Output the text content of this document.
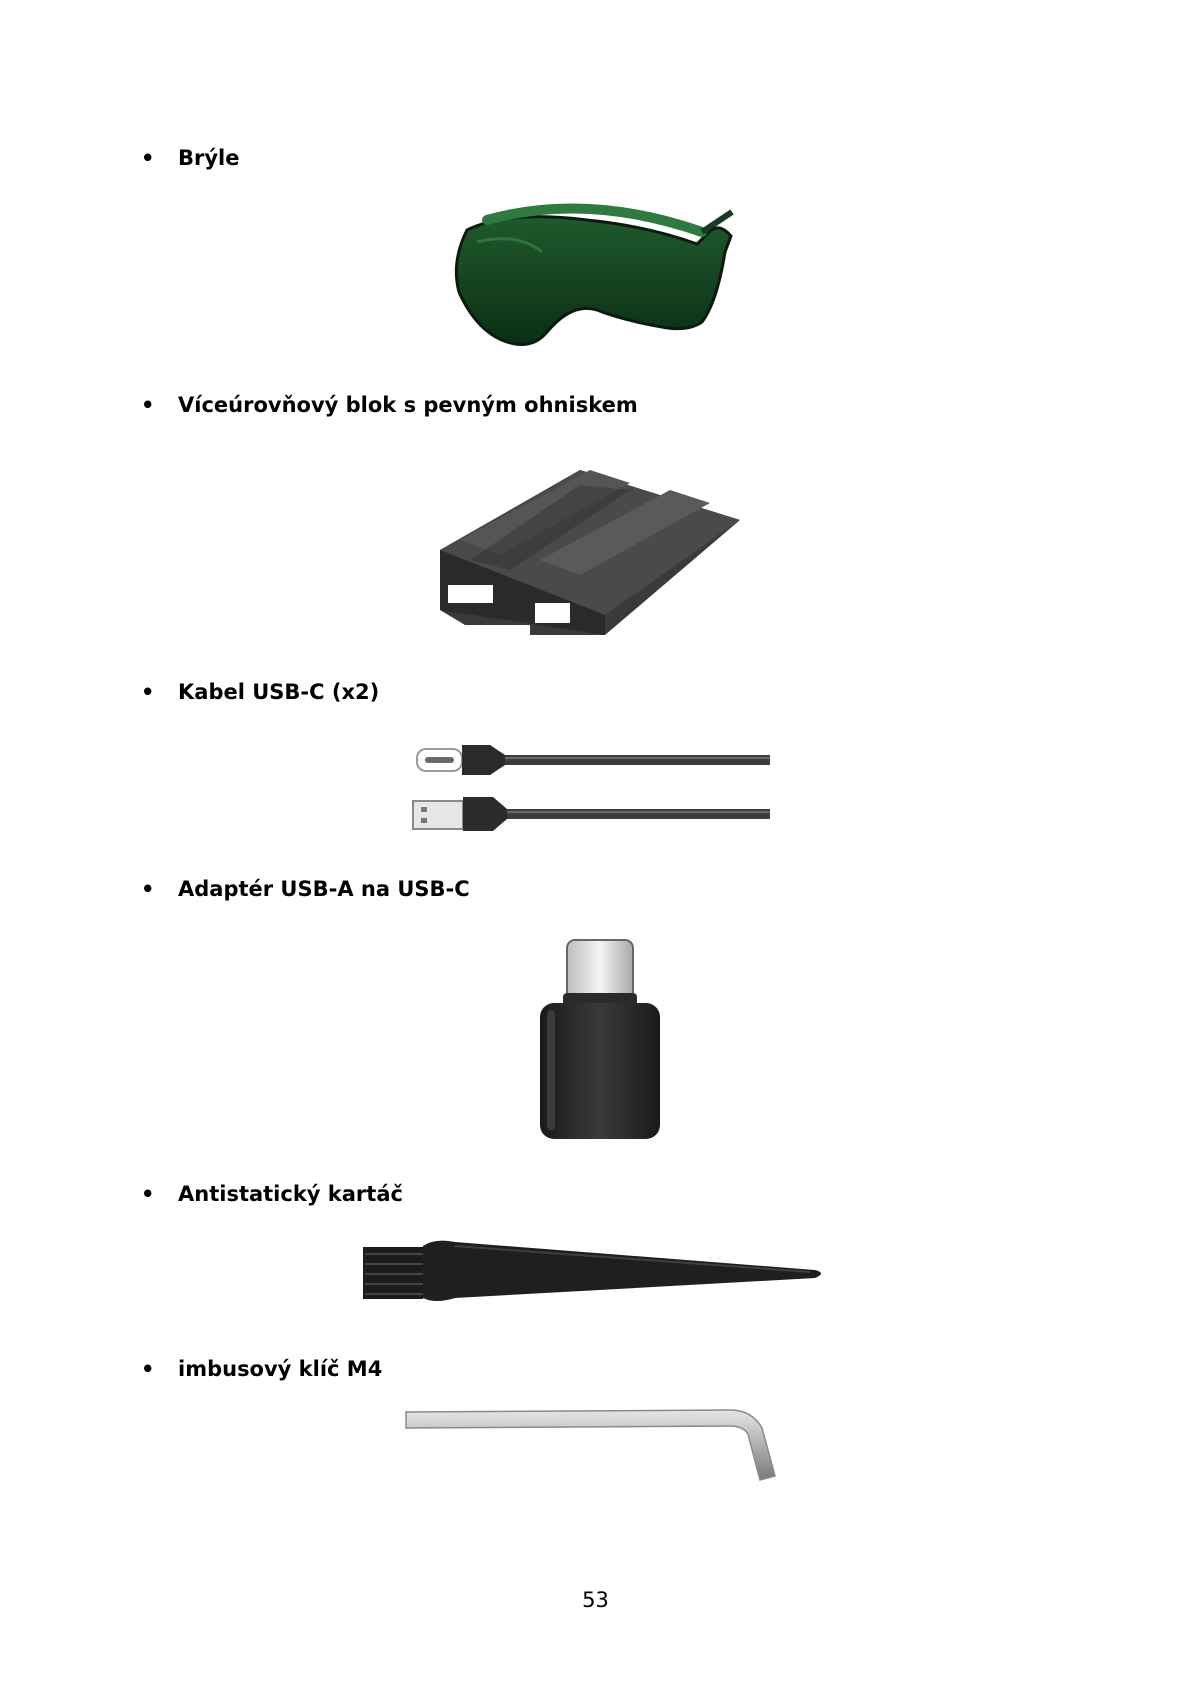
• Brýle
• Víceúrovňový blok s pevným ohniskem
• Kabel USB-C (x2)
• Adaptér USB-A na USB-C
• Antistatický kartáč
• imbusový klíč M4
53
